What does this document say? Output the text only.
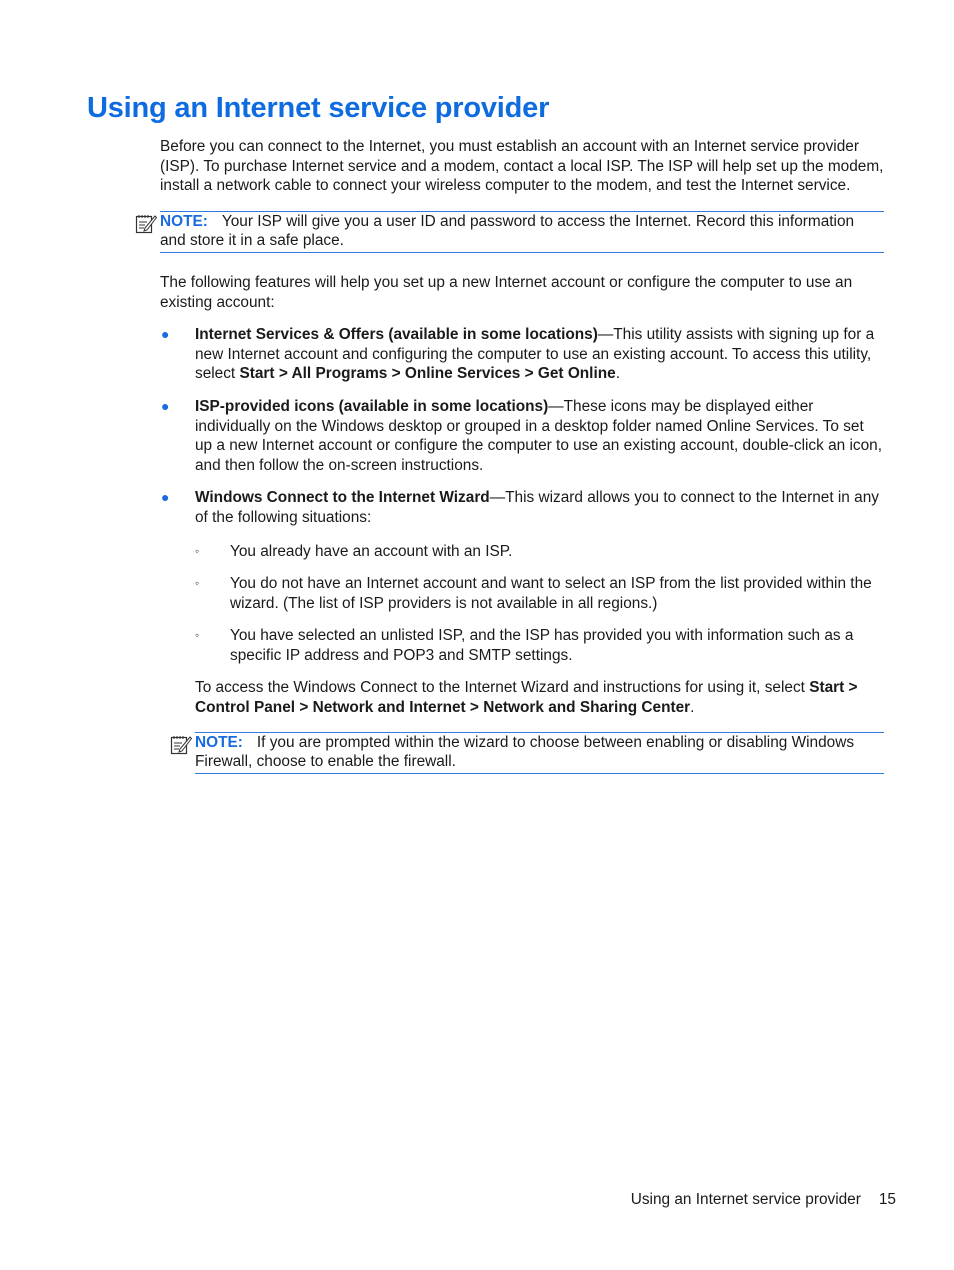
Using an Internet service provider

Before you can connect to the Internet, you must establish an account with an Internet service provider (ISP). To purchase Internet service and a modem, contact a local ISP. The ISP will help set up the modem, install a network cable to connect your wireless computer to the modem, and test the Internet service.

NOTE: Your ISP will give you a user ID and password to access the Internet. Record this information and store it in a safe place.

The following features will help you set up a new Internet account or configure the computer to use an existing account:

● Internet Services & Offers (available in some locations)—This utility assists with signing up for a new Internet account and configuring the computer to use an existing account. To access this utility, select Start > All Programs > Online Services > Get Online.
● ISP-provided icons (available in some locations)—These icons may be displayed either individually on the Windows desktop or grouped in a desktop folder named Online Services. To set up a new Internet account or configure the computer to use an existing account, double-click an icon, and then follow the on-screen instructions.
● Windows Connect to the Internet Wizard—This wizard allows you to connect to the Internet in any of the following situations:
◦ You already have an account with an ISP.
◦ You do not have an Internet account and want to select an ISP from the list provided within the wizard. (The list of ISP providers is not available in all regions.)
◦ You have selected an unlisted ISP, and the ISP has provided you with information such as a specific IP address and POP3 and SMTP settings.

To access the Windows Connect to the Internet Wizard and instructions for using it, select Start > Control Panel > Network and Internet > Network and Sharing Center.

NOTE: If you are prompted within the wizard to choose between enabling or disabling Windows Firewall, choose to enable the firewall.
Using an Internet service provider 15
